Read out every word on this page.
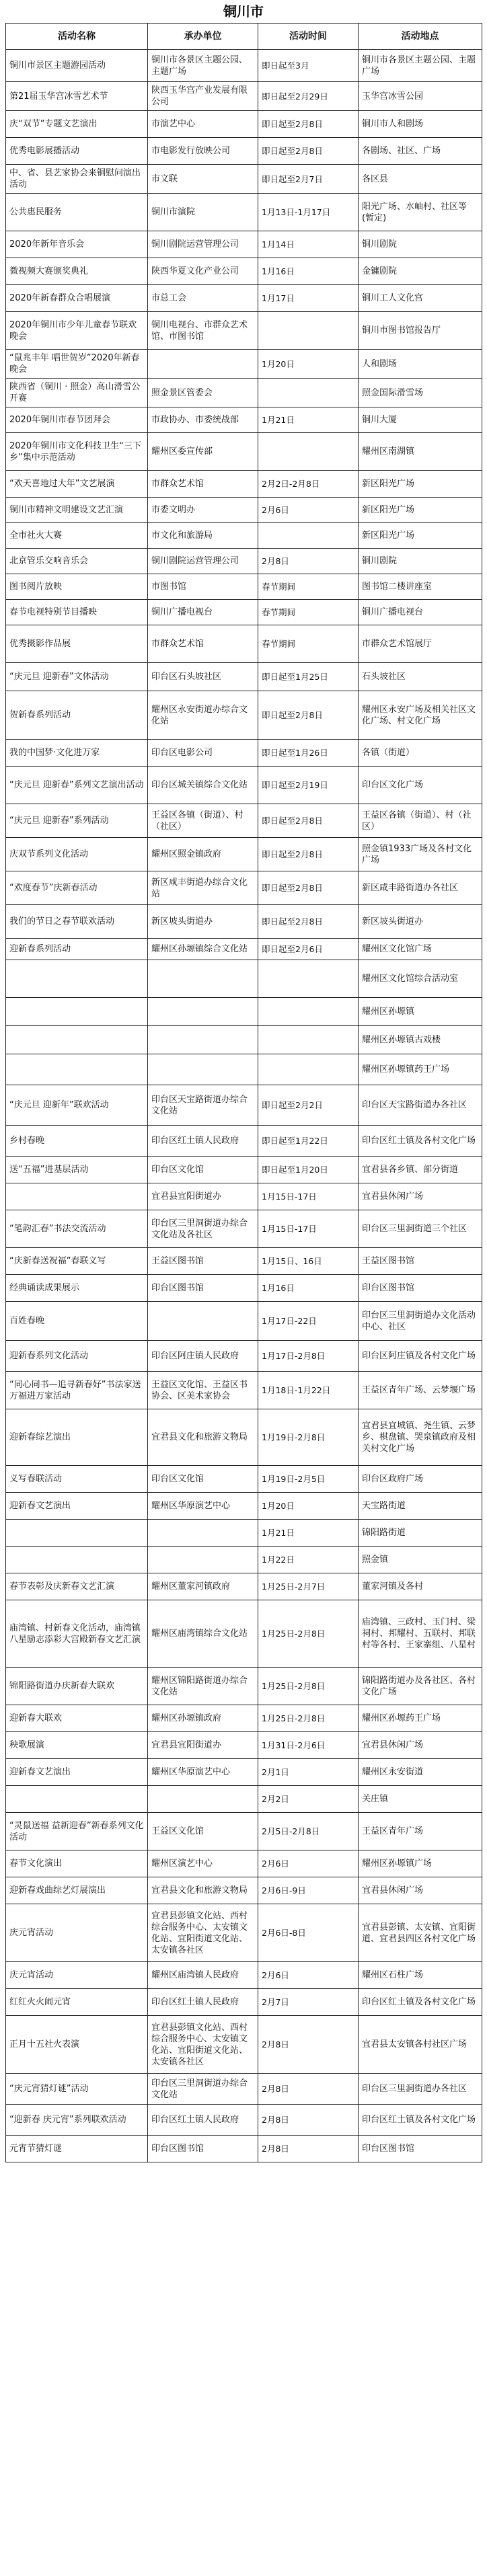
铜川市
活动名称	承办单位	活动时间	活动地点
铜川市景区主题游园活动	铜川市各景区主题公园、主题广场	即日起至3月	铜川市各景区主题公园、主题广场
第21届玉华宫冰雪艺术节	陕西玉华宫产业发展有限公司	即日起至2月29日	玉华宫冰雪公园
庆“双节”专题文艺演出	市演艺中心	即日起至2月8日	铜川市人和剧场
优秀电影展播活动	市电影发行放映公司	即日起至2月8日	各剧场、社区、广场
中、省、县艺家协会来铜慰问演出活动	市文联	即日起至2月7日	各区县
公共惠民服务	铜川市演院	1月13日-1月17日	阳光广场、水岫村、社区等(暂定)
2020年新年音乐会	铜川剧院运营管理公司	1月14日	铜川剧院
微视频大赛颁奖典礼	陕西华夏文化产业公司	1月16日	金镛剧院
2020年新春群众合唱展演	市总工会	1月17日	铜川工人文化宫
2020年铜川市少年儿童春节联欢晚会	铜川电视台、市群众艺术馆、市图书馆		铜川市图书馆报告厅
“鼠兆丰年 唱世贺岁”2020年新春晚会		1月20日	人和剧场
陕西省（铜川 · 照金）高山滑雪公开赛	照金景区管委会		照金国际滑雪场
2020年铜川市春节团拜会	市政协办、市委统战部	1月21日	铜川大厦
2020年铜川市文化科技卫生“三下乡”集中示范活动	耀州区委宣传部		耀州区南湖镇
“欢天喜地过大年”文艺展演	市群众艺术馆	2月2日-2月8日	新区阳光广场
铜川市精神文明建设文艺汇演	市委文明办	2月6日	新区阳光广场
全市社火大赛	市文化和旅游局		新区阳光广场
北京管乐交响音乐会	铜川剧院运营管理公司	2月8日	铜川剧院
图书阅片放映	市图书馆	春节期间	图书馆二楼讲座室
春节电视特别节目播映	铜川广播电视台	春节期间	铜川广播电视台
优秀摄影作品展	市群众艺术馆	春节期间	市群众艺术馆展厅
“庆元旦 迎新春”文体活动	印台区石头坡社区	即日起至1月25日	石头坡社区
贺新春系列活动	耀州区永安街道办综合文化站	即日起至2月8日	耀州区永安广场及相关社区文化广场、村文化广场
我的中国梦·文化进万家	印台区电影公司	即日起至1月26日	各镇（街道）
“庆元旦 迎新春”系列文艺演出活动	印台区城关镇综合文化站	即日起至2月19日	印台区文化广场
“庆元旦 迎新春”系列活动	王益区各镇（街道）、村（社区）	即日起至2月8日	王益区各镇（街道）、村（社区）
庆双节系列文化活动	耀州区照金镇政府	即日起至2月8日	照金镇1933广场及各村文化广场
“欢度春节”庆新春活动	新区咸丰街道办综合文化站	即日起至2月8日	新区咸丰路街道办各社区
我们的节日之春节联欢活动	新区坡头街道办	即日起至2月8日	新区坡头街道办
迎新春系列活动	耀州区孙塬镇综合文化站	即日起至2月6日	耀州区文化馆广场
			耀州区文化馆综合活动室
			耀州区孙塬镇
			耀州区孙塬镇古戏楼
			耀州区孙塬镇药王广场
“庆元旦 迎新年”联欢活动	印台区天宝路街道办综合文化站	即日起至2月2日	印台区天宝路街道办各社区
乡村春晚	印台区红土镇人民政府	即日起至1月22日	印台区红土镇及各村文化广场
送“五福”进基层活动	印台区文化馆	即日起至1月20日	宜君县各乡镇、部分街道
	宜君县宜阳街道办	1月15日-17日	宜君县休闲广场
“笔韵汇春”书法交流活动	印台区三里洞街道办综合文化站及各社区	1月15日-17日	印台区三里洞街道三个社区
“庆新春送祝福”春联义写	王益区图书馆	1月15日、16日	王益区图书馆
经典诵读成果展示	印台区图书馆	1月16日	印台区图书馆
百姓春晚		1月17日-22日	印台区三里洞街道办文化活动中心、社区
迎新春系列文化活动	印台区阿庄镇人民政府	1月17日-2月8日	印台区阿庄镇及各村文化广场
“同心同书—追寻新春好”书法家送万福进万家活动	王益区文化馆、王益区书协会、区美术家协会	1月18日-1月22日	王益区青年广场、云梦堰广场
迎新春综艺演出	宜君县文化和旅游文物局	1月19日-2月8日	宜君县宜城镇、尧生镇、云梦乡、棋盘镇、哭泉镇政府及相关村文化广场
义写春联活动	印台区文化馆	1月19日-2月5日	印台区政府广场
迎新春文艺演出	耀州区华原演艺中心	1月20日	天宝路街道
		1月21日	锦阳路街道
		1月22日	照金镇
春节表彰及庆新春文艺汇演	耀州区董家河镇政府	1月25日-2月7日	董家河镇及各村
庙湾镇、村新春文化活动，庙湾镇八星励志添彩大宫殿新春文艺汇演	耀州区庙湾镇综合文化站	1月25日-2月8日	庙湾镇、三政村、玉门村、梁祠村、邦耀村、五联村、邦联村等各村、王家寨组、八星村
锦阳路街道办庆新春大联欢	耀州区锦阳路街道办综合文化站	1月25日-2月8日	锦阳路街道办及各社区、各村文化广场
迎新春大联欢	耀州区孙塬镇政府	1月25日-2月8日	耀州区孙塬药王广场
秧歌展演	宜君县宜阳街道办	1月31日-2月6日	宜君县休闲广场
迎新春文艺演出	耀州区华原演艺中心	2月1日	耀州区永安街道
		2月2日	关庄镇
“灵鼠送福 益新迎春”新春系列文化活动	王益区文化馆	2月5日-2月8日	王益区青年广场
春节文化演出	耀州区演艺中心	2月6日	耀州区孙塬镇广场
迎新春戏曲综艺灯展演出	宜君县文化和旅游文物局	2月6日-9日	宜君县休闲广场
庆元宵活动	宜君县彭镇文化站、西村综合服务中心、太安镇文化站、宜阳街道文化站、太安镇各社区	2月6日-8日	宜君县彭镇、太安镇、宜阳街道、宜君县四区各村文化广场
庆元宵活动	耀州区庙湾镇人民政府	2月6日	耀州区石柱广场
红红火火闹元宵	印台区红土镇人民政府	2月7日	印台区红土镇及各村文化广场
正月十五社火表演	宜君县彭镇文化站、西村综合服务中心、太安镇文化站、宜阳街道文化站、太安镇各社区	2月8日	宜君县太安镇各村社区广场
“庆元宵猜灯谜”活动	印台区三里洞街道办综合文化站	2月8日	印台区三里洞街道办各社区
“迎新春 庆元宵”系列联欢活动	印台区红土镇人民政府	2月8日	印台区红土镇及各村文化广场
元宵节猜灯谜	印台区图书馆	2月8日	印台区图书馆
